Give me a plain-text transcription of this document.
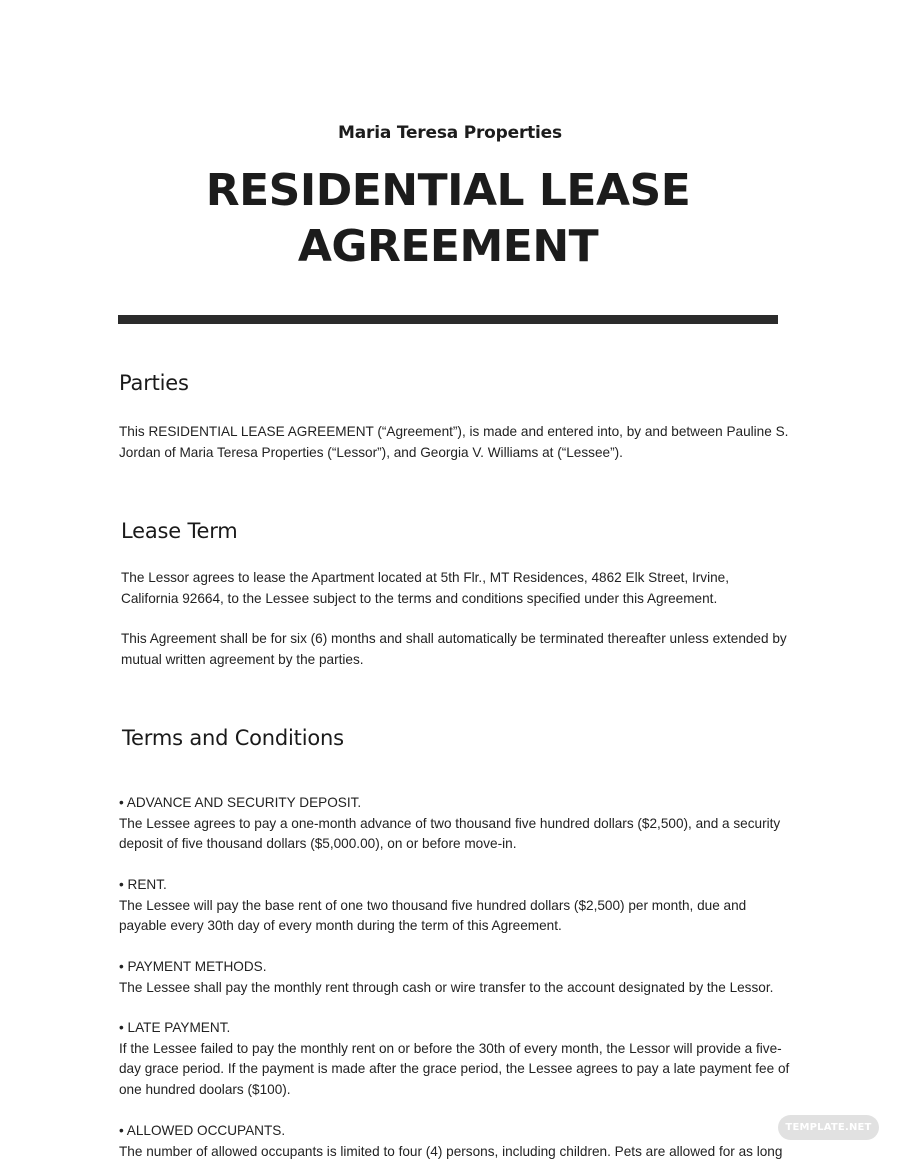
Maria Teresa Properties
RESIDENTIAL LEASE
AGREEMENT
Parties
This RESIDENTIAL LEASE AGREEMENT (“Agreement”), is made and entered into, by and between Pauline S. Jordan of Maria Teresa Properties (“Lessor”), and Georgia V. Williams at (“Lessee”).
Lease Term
The Lessor agrees to lease the Apartment located at 5th Flr., MT Residences, 4862 Elk Street, Irvine, California 92664, to the Lessee subject to the terms and conditions specified under this Agreement.
This Agreement shall be for six (6) months and shall automatically be terminated thereafter unless extended by mutual written agreement by the parties.
Terms and Conditions
• ADVANCE AND SECURITY DEPOSIT.
The Lessee agrees to pay a one-month advance of two thousand five hundred dollars ($2,500), and a security deposit of five thousand dollars ($5,000.00), on or before move-in.
• RENT.
The Lessee will pay the base rent of one two thousand five hundred dollars ($2,500) per month, due and payable every 30th day of every month during the term of this Agreement.
• PAYMENT METHODS.
The Lessee shall pay the monthly rent through cash or wire transfer to the account designated by the Lessor.
• LATE PAYMENT.
If the Lessee failed to pay the monthly rent on or before the 30th of every month, the Lessor will provide a five-day grace period. If the payment is made after the grace period, the Lessee agrees to pay a late payment fee of one hundred doolars ($100).
• ALLOWED OCCUPANTS.
The number of allowed occupants is limited to four (4) persons, including children. Pets are allowed for as long
TEMPLATE.NET
